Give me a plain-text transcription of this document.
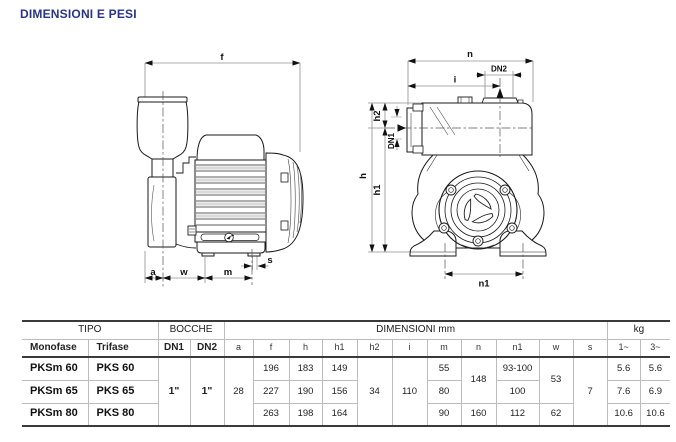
DIMENSIONI E PESI
f
a	w	m
s
n
DN2
i
h
h1
h2
DN1
n1
TIPO		BOCCHE		DIMENSIONI mm											kg	
Monofase	Trifase	DN1	DN2	a	f	h	h1	h2	i	m	n	n1	w	s	1~	3~
PKSm 60	PKS 60	1"	1"	28	196	183	149	34	110	55	148	93-100	53	7	5.6	5.6
PKSm 65	PKS 65				227	190	156			80		100			7.6	6.9
PKSm 80	PKS 80				263	198	164			90	160	112	62		10.6	10.6
